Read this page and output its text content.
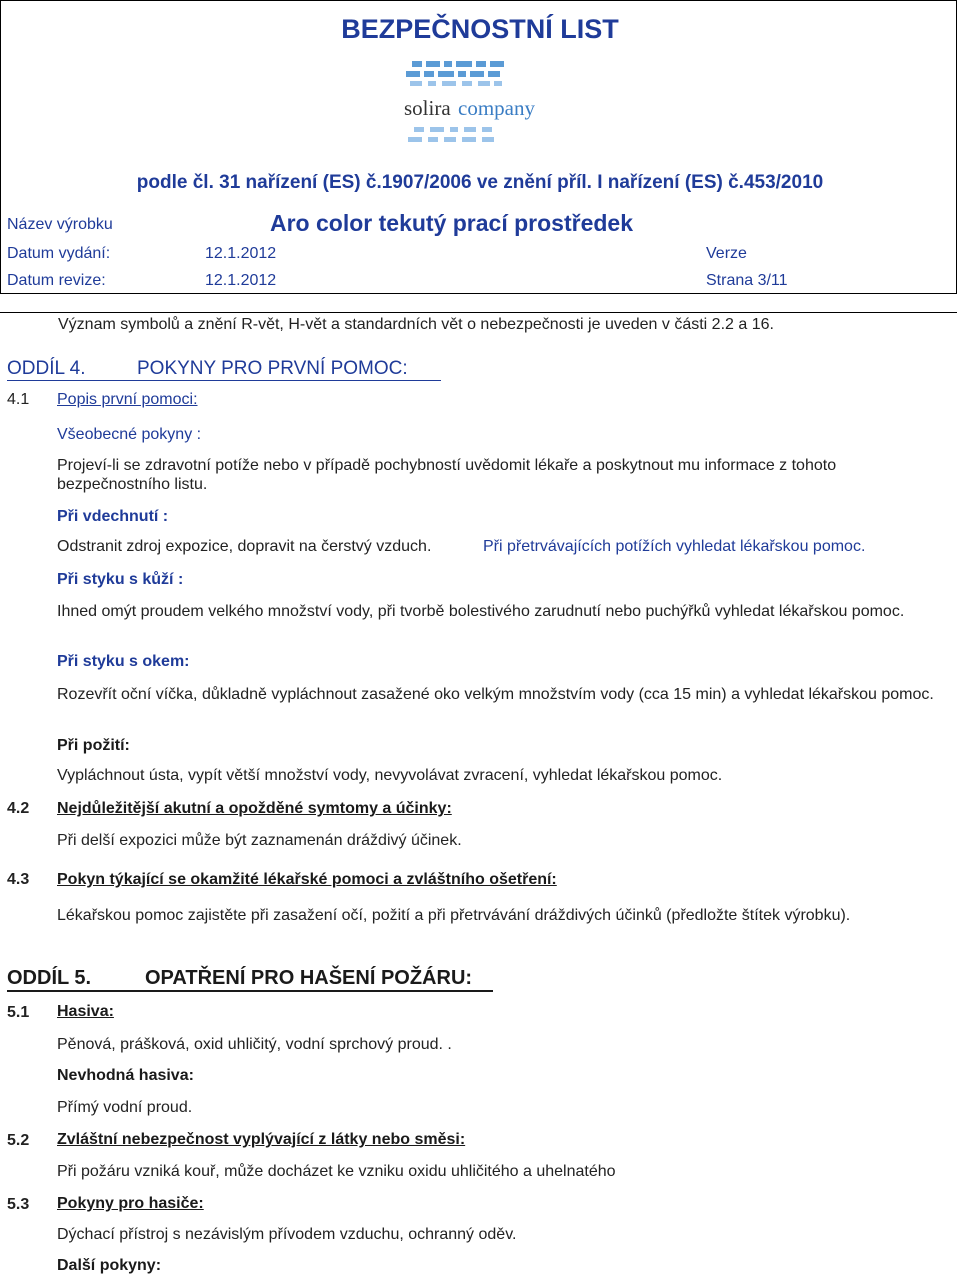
BEZPEČNOSTNÍ LIST
solira company
podle čl. 31 nařízení (ES) č.1907/2006 ve znění příl. I nařízení (ES) č.453/2010
Název výrobku	Aro color tekutý prací prostředek
Datum vydání:	12.1.2012	Verze
Datum revize:	12.1.2012	Strana 3/11
Význam symbolů a znění R-vět, H-vět a standardních vět o nebezpečnosti je uveden v části 2.2 a 16.
ODDÍL 4.	POKYNY PRO PRVNÍ POMOC:
4.1 Popis první pomoci:
Všeobecné pokyny :
Projeví-li se zdravotní potíže nebo v případě pochybností uvědomit lékaře a poskytnout mu informace z tohoto bezpečnostního listu.
Při vdechnutí :
Odstranit zdroj expozice, dopravit na čerstvý vzduch.	Při přetrvávajících potížích vyhledat lékařskou pomoc.
Při styku s kůží :
Ihned omýt proudem velkého množství vody, při tvorbě bolestivého zarudnutí nebo puchýřků vyhledat lékařskou pomoc.
Při styku s okem:
Rozevřít oční víčka, důkladně vypláchnout zasažené oko velkým množstvím vody (cca 15 min) a vyhledat lékařskou pomoc.
Při požití:
Vypláchnout ústa, vypít větší množství vody, nevyvolávat zvracení, vyhledat lékařskou pomoc.
4.2 Nejdůležitější akutní a opožděné symtomy a účinky:
Při delší expozici může být zaznamenán dráždivý účinek.
4.3 Pokyn týkající se okamžité lékařské pomoci a zvláštního ošetření:
Lékařskou pomoc zajistěte při zasažení očí, požití a při přetrvávání dráždivých účinků (předložte štítek výrobku).
ODDÍL 5.	OPATŘENÍ PRO HAŠENÍ POŽÁRU:
5.1 Hasiva:
Pěnová, prášková, oxid uhličitý, vodní sprchový proud. .
Nevhodná hasiva:
Přímý vodní proud.
5.2 Zvláštní nebezpečnost vyplývající z látky nebo směsi:
Při požáru vzniká kouř, může docházet ke vzniku oxidu uhličitého a uhelnatého
5.3 Pokyny pro hasiče:
Dýchací přístroj s nezávislým přívodem vzduchu, ochranný oděv.
Další pokyny:
